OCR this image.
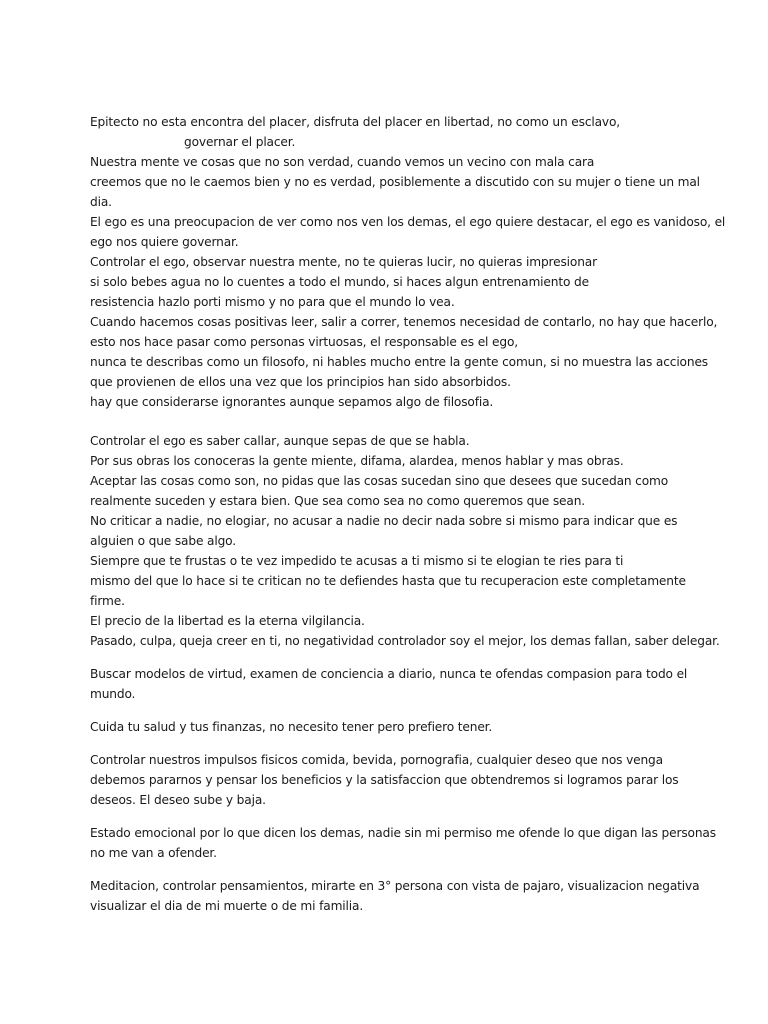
Epitecto no esta encontra del placer, disfruta del placer en libertad, no como un esclavo,
governar el placer.
Nuestra mente ve cosas que no son verdad, cuando vemos un vecino con mala cara
creemos que no le caemos bien y no es verdad, posiblemente a discutido con su mujer o tiene un mal
dia.
El ego es una preocupacion de ver como nos ven los demas, el ego quiere destacar, el ego es vanidoso, el
ego nos quiere governar.
Controlar el ego, observar nuestra mente, no te quieras lucir, no quieras impresionar
si solo bebes agua no lo cuentes a todo el mundo, si haces algun entrenamiento de
resistencia hazlo porti mismo y no para que el mundo lo vea.
Cuando hacemos cosas positivas leer, salir a correr, tenemos necesidad de contarlo, no hay que hacerlo,
esto nos hace pasar como personas virtuosas, el responsable es el ego,
nunca te describas como un filosofo, ni hables mucho entre la gente comun, si no muestra las acciones
que provienen de ellos una vez que los principios han sido absorbidos.
hay que considerarse ignorantes aunque sepamos algo de filosofia.
Controlar el ego es saber callar, aunque sepas de que se habla.
Por sus obras los conoceras la gente miente, difama, alardea, menos hablar y mas obras.
Aceptar las cosas como son, no pidas que las cosas sucedan sino que desees que sucedan como
realmente suceden y estara bien. Que sea como sea no como queremos que sean.
No criticar a nadie, no elogiar, no acusar a nadie no decir nada sobre si mismo para indicar que es
alguien o que sabe algo.
Siempre que te frustas o te vez impedido te acusas a ti mismo si te elogian te ries para ti
mismo del que lo hace si te critican no te defiendes hasta que tu recuperacion este completamente
firme.
El precio de la libertad es la eterna vilgilancia.
Pasado, culpa, queja creer en ti, no negatividad controlador soy el mejor, los demas fallan, saber delegar.
Buscar modelos de virtud, examen de conciencia a diario, nunca te ofendas compasion para todo el
mundo.
Cuida tu salud y tus finanzas, no necesito tener pero prefiero tener.
Controlar nuestros impulsos fisicos comida, bevida, pornografia, cualquier deseo que nos venga
debemos pararnos y pensar los beneficios y la satisfaccion que obtendremos si logramos parar los
deseos. El deseo sube y baja.
Estado emocional por lo que dicen los demas, nadie sin mi permiso me ofende lo que digan las personas
no me van a ofender.
Meditacion, controlar pensamientos, mirarte en 3° persona con vista de pajaro, visualizacion negativa
visualizar el dia de mi muerte o de mi familia.
